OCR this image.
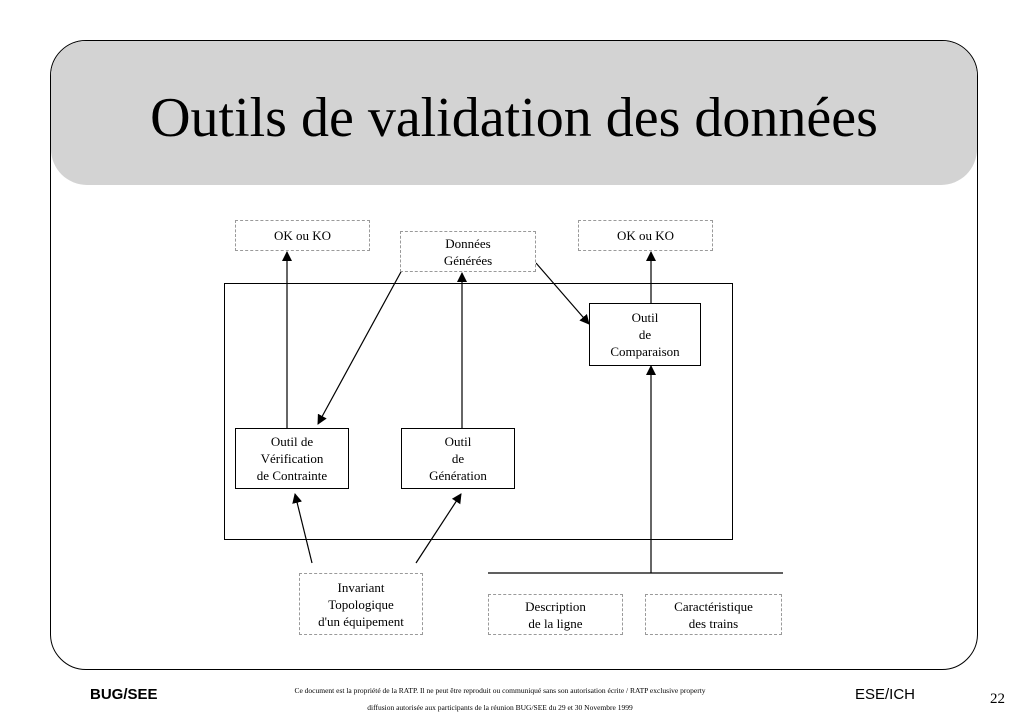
Outils de validation des données
OK ou KO	Données
Générées
OK ou KO
Outil
de
Comparaison
Outil de
Vérification
de Contrainte
Outil
de
Génération
Invariant
Topologique
d'un équipement
Description
de la ligne
Caractéristique
des trains
BUG/SEE	Ce document est la propriété de la RATP. Il ne peut être reproduit ou communiqué sans son autorisation écrite / RATP exclusive property
diffusion autorisée aux participants de la réunion BUG/SEE du 29 et 30 Novembre 1999
ESE/ICH	22
